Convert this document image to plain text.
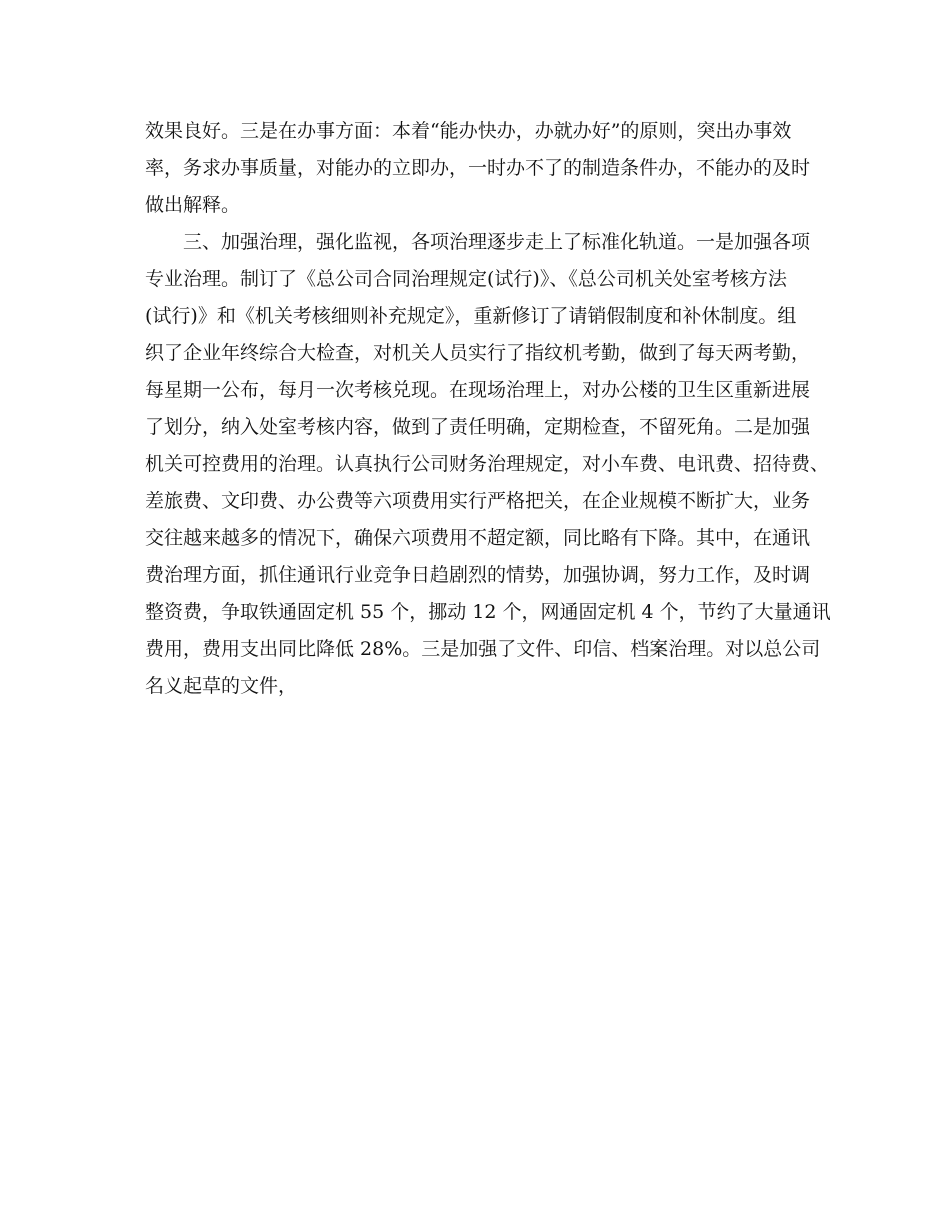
效果良好。三是在办事方面：本着“能办快办，办就办好”的原则，突出办事效
率，务求办事质量，对能办的立即办，一时办不了的制造条件办，不能办的及时
做出解释。
　　三、加强治理，强化监视，各项治理逐步走上了标准化轨道。一是加强各项
专业治理。制订了《总公司合同治理规定(试行)》、《总公司机关处室考核方法
(试行)》和《机关考核细则补充规定》，重新修订了请销假制度和补休制度。组
织了企业年终综合大检查，对机关人员实行了指纹机考勤，做到了每天两考勤，
每星期一公布，每月一次考核兑现。在现场治理上，对办公楼的卫生区重新进展
了划分，纳入处室考核内容，做到了责任明确，定期检查，不留死角。二是加强
机关可控费用的治理。认真执行公司财务治理规定，对小车费、电讯费、招待费、
差旅费、文印费、办公费等六项费用实行严格把关，在企业规模不断扩大，业务
交往越来越多的情况下，确保六项费用不超定额，同比略有下降。其中，在通讯
费治理方面，抓住通讯行业竞争日趋剧烈的情势，加强协调，努力工作，及时调
整资费，争取铁通固定机 55 个，挪动 12 个，网通固定机 4 个，节约了大量通讯
费用，费用支出同比降低 28%。三是加强了文件、印信、档案治理。对以总公司
名义起草的文件，
